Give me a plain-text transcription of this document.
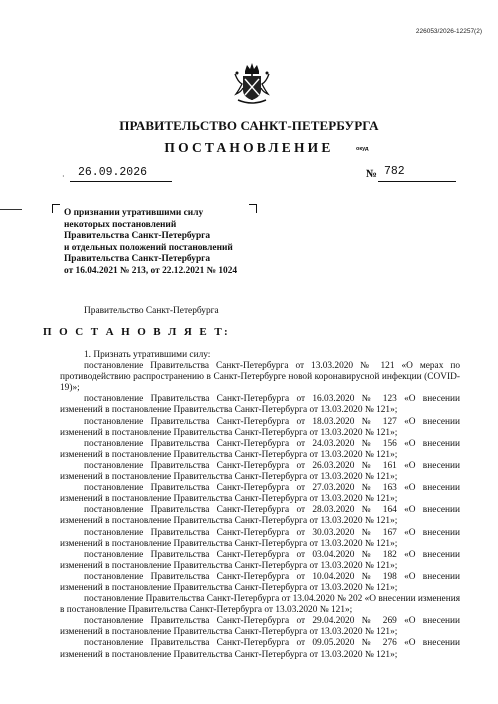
226053/2026-12257(2)
ПРАВИТЕЛЬСТВО САНКТ-ПЕТЕРБУРГА
ПОСТАНОВЛЕНИЕ	окуд
· 26.09.2026	№ 782
О признании утратившими силу
некоторых постановлений
Правительства Санкт-Петербурга
и отдельных положений постановлений
Правительства Санкт-Петербурга
от 16.04.2021 № 213, от 22.12.2021 № 1024
Правительство Санкт-Петербурга
П О С Т А Н О В Л Я Е Т:

1. Признать утратившими силу:

постановление Правительства Санкт-Петербурга от 13.03.2020 № 121 «О мерах по противодействию распространению в Санкт-Петербурге новой коронавирусной инфекции (COVID-19)»;

постановление Правительства Санкт-Петербурга от 16.03.2020 № 123 «О внесении изменений в постановление Правительства Санкт-Петербурга от 13.03.2020 № 121»;

постановление Правительства Санкт-Петербурга от 18.03.2020 № 127 «О внесении изменений в постановление Правительства Санкт-Петербурга от 13.03.2020 № 121»;

постановление Правительства Санкт-Петербурга от 24.03.2020 № 156 «О внесении изменений в постановление Правительства Санкт-Петербурга от 13.03.2020 № 121»;

постановление Правительства Санкт-Петербурга от 26.03.2020 № 161 «О внесении изменений в постановление Правительства Санкт-Петербурга от 13.03.2020 № 121»;

постановление Правительства Санкт-Петербурга от 27.03.2020 № 163 «О внесении изменений в постановление Правительства Санкт-Петербурга от 13.03.2020 № 121»;

постановление Правительства Санкт-Петербурга от 28.03.2020 № 164 «О внесении изменений в постановление Правительства Санкт-Петербурга от 13.03.2020 № 121»;

постановление Правительства Санкт-Петербурга от 30.03.2020 № 167 «О внесении изменений в постановление Правительства Санкт-Петербурга от 13.03.2020 № 121»;

постановление Правительства Санкт-Петербурга от 03.04.2020 № 182 «О внесении изменений в постановление Правительства Санкт-Петербурга от 13.03.2020 № 121»;

постановление Правительства Санкт-Петербурга от 10.04.2020 № 198 «О внесении изменений в постановление Правительства Санкт-Петербурга от 13.03.2020 № 121»;

постановление Правительства Санкт-Петербурга от 13.04.2020 № 202 «О внесении изменения в постановление Правительства Санкт-Петербурга от 13.03.2020 № 121»;

постановление Правительства Санкт-Петербурга от 29.04.2020 № 269 «О внесении изменений в постановление Правительства Санкт-Петербурга от 13.03.2020 № 121»;

постановление Правительства Санкт-Петербурга от 09.05.2020 № 276 «О внесении изменений в постановление Правительства Санкт-Петербурга от 13.03.2020 № 121»;
